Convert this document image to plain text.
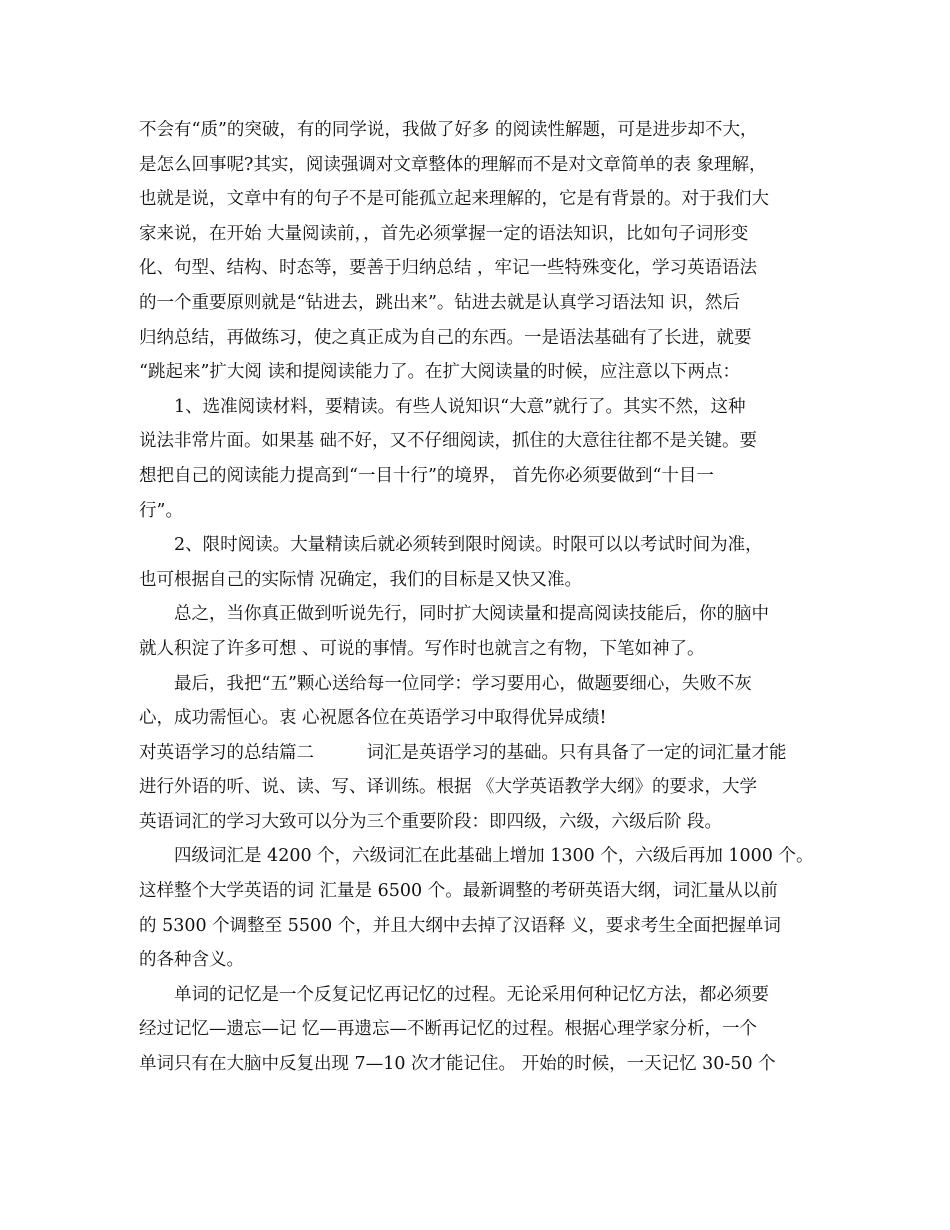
不会有“质”的突破，有的同学说，我做了好多 的阅读性解题，可是进步却不大，
是怎么回事呢?其实，阅读强调对文章整体的理解而不是对文章简单的表 象理解，
也就是说，文章中有的句子不是可能孤立起来理解的，它是有背景的。对于我们大
家来说，在开始 大量阅读前，，首先必须掌握一定的语法知识，比如句子词形变
化、句型、结构、时态等，要善于归纳总结 ，牢记一些特殊变化，学习英语语法
的一个重要原则就是“钻进去，跳出来”。钻进去就是认真学习语法知 识，然后
归纳总结，再做练习，使之真正成为自己的东西。一是语法基础有了长进，就要
“跳起来”扩大阅 读和提阅读能力了。在扩大阅读量的时候，应注意以下两点：
　　1、选准阅读材料，要精读。有些人说知识“大意”就行了。其实不然，这种
说法非常片面。如果基 础不好，又不仔细阅读，抓住的大意往往都不是关键。要
想把自己的阅读能力提高到“一目十行”的境界， 首先你必须要做到“十目一
行”。
　　2、限时阅读。大量精读后就必须转到限时阅读。时限可以以考试时间为准，
也可根据自己的实际情 况确定，我们的目标是又快又准。
　　总之，当你真正做到听说先行，同时扩大阅读量和提高阅读技能后，你的脑中
就人积淀了许多可想 、可说的事情。写作时也就言之有物，下笔如神了。
　　最后，我把“五”颗心送给每一位同学：学习要用心，做题要细心，失败不灰
心，成功需恒心。衷 心祝愿各位在英语学习中取得优异成绩!
对英语学习的总结篇二　　　词汇是英语学习的基础。只有具备了一定的词汇量才能
进行外语的听、说、读、写、译训练。根据 《大学英语教学大纲》的要求，大学
英语词汇的学习大致可以分为三个重要阶段：即四级，六级，六级后阶 段。
　　四级词汇是 4200 个，六级词汇在此基础上增加 1300 个，六级后再加 1000 个。
这样整个大学英语的词 汇量是 6500 个。最新调整的考研英语大纲，词汇量从以前
的 5300 个调整至 5500 个，并且大纲中去掉了汉语释 义，要求考生全面把握单词
的各种含义。
　　单词的记忆是一个反复记忆再记忆的过程。无论采用何种记忆方法，都必须要
经过记忆—遗忘—记 忆—再遗忘—不断再记忆的过程。根据心理学家分析，一个
单词只有在大脑中反复出现 7—10 次才能记住。 开始的时候，一天记忆 30-50 个
